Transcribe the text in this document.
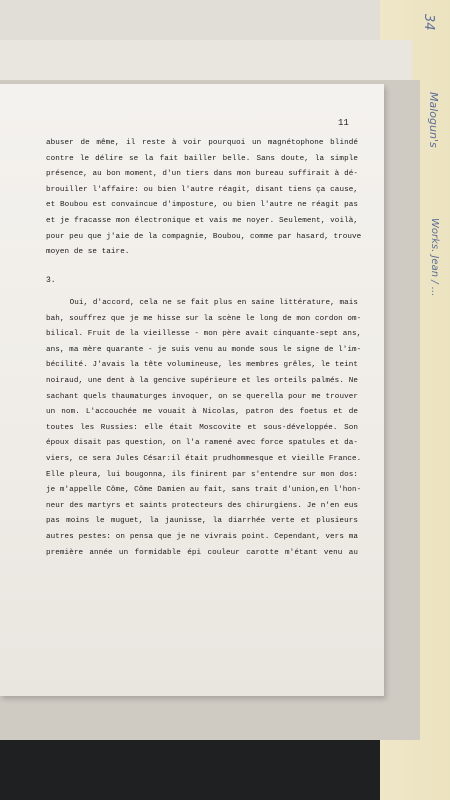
11
abuser de même, il reste à voir pourquoi un magnétophone blindé
contre le délire se la fait bailler belle. Sans doute, la simple
présence, au bon moment, d'un tiers dans mon bureau suffirait à dé-
brouiller l'affaire: ou bien l'autre réagit, disant tiens ça cause,
et Boubou est convaincue d'imposture, ou bien l'autre ne réagit pas
et je fracasse mon électronique et vais me noyer. Seulement, voilà,
pour peu que j'aie de la compagnie, Boubou, comme par hasard, trouve
moyen de se taire.
3.
Oui, d'accord, cela ne se fait plus en saine littérature, mais
bah, souffrez que je me hisse sur la scène le long de mon cordon om-
bilical. Fruit de la vieillesse - mon père avait cinquante-sept ans,
ans, ma mère quarante - je suis venu au monde sous le signe de l'im-
bécilité. J'avais la tête volumineuse, les membres grêles, le teint
noiraud, une dent à la gencive supérieure et les orteils palmés. Ne
sachant quels thaumaturges invoquer, on se querella pour me trouver
un nom. L'accouchée me vouait à Nicolas, patron des foetus et de
toutes les Russies: elle était Moscovite et sous-développée. Son
époux disait pas question, on l'a ramené avec force spatules et da-
viers, ce sera Jules César:il était prudhommesque et vieille France.
Elle pleura, lui bougonna, ils finirent par s'entendre sur mon dos:
je m'appelle Côme, Côme Damien au fait, sans trait d'union,en l'hon-
neur des martyrs et saints protecteurs des chirurgiens. Je n'en eus
pas moins le muguet, la jaunisse, la diarrhée verte et plusieurs
autres pestes: on pensa que je ne vivrais point. Cependant, vers ma
première année un formidable épi couleur carotte m'étant venu au
34
Malogun's
Works. Jean / ...
